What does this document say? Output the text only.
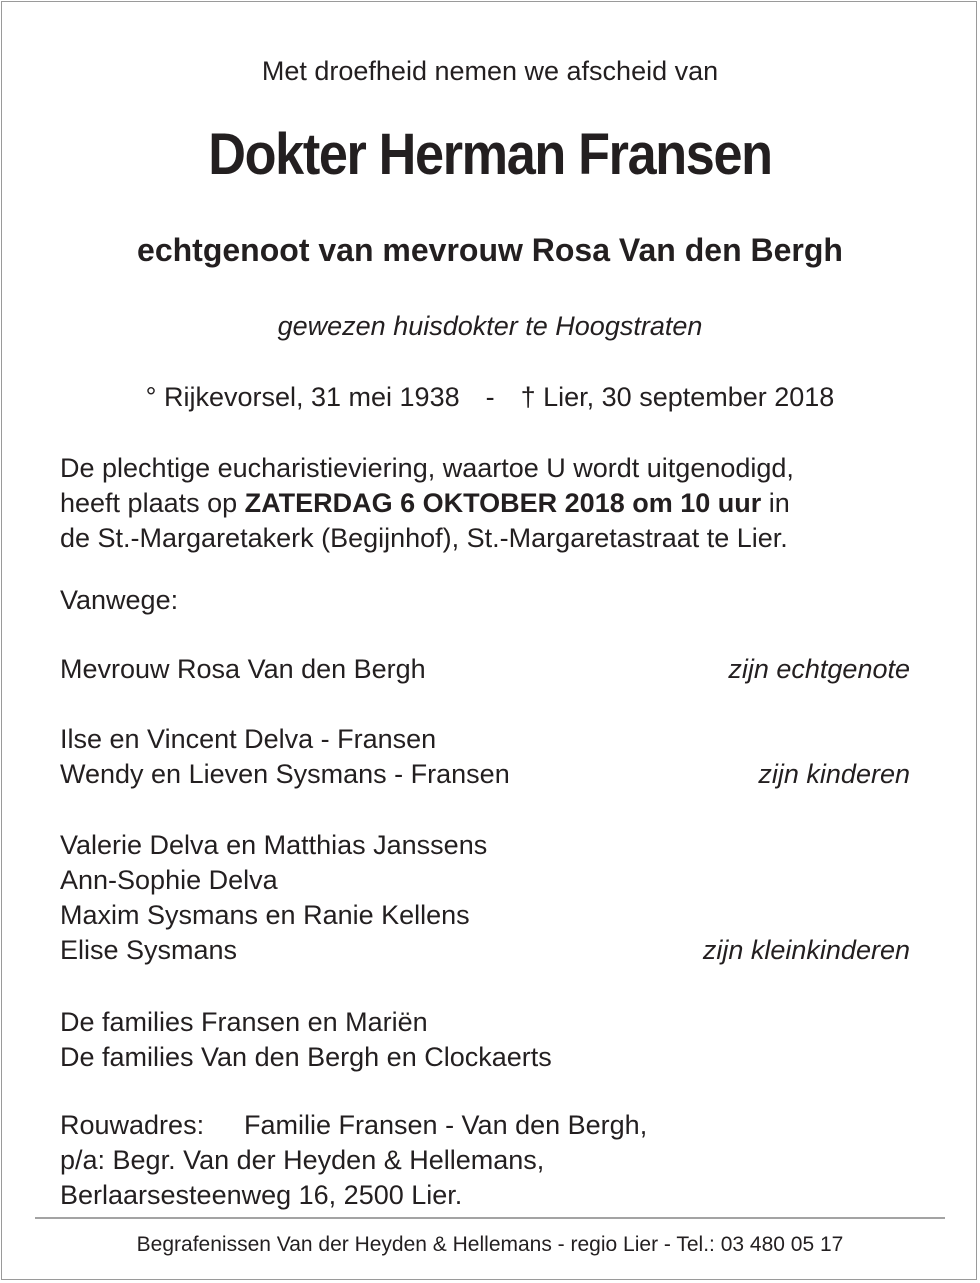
Met droefheid nemen we afscheid van
Dokter Herman Fransen
echtgenoot van mevrouw Rosa Van den Bergh
gewezen huisdokter te Hoogstraten
° Rijkevorsel, 31 mei 1938 - † Lier, 30 september 2018
De plechtige eucharistieviering, waartoe U wordt uitgenodigd,
heeft plaats op ZATERDAG 6 OKTOBER 2018 om 10 uur in
de St.-Margaretakerk (Begijnhof), St.-Margaretastraat te Lier.
Vanwege:
Mevrouw Rosa Van den Bergh	zijn echtgenote
Ilse en Vincent Delva - Fransen
Wendy en Lieven Sysmans - Fransen	zijn kinderen
Valerie Delva en Matthias Janssens
Ann-Sophie Delva
Maxim Sysmans en Ranie Kellens
Elise Sysmans	zijn kleinkinderen
De families Fransen en Mariën
De families Van den Bergh en Clockaerts
Rouwadres: Familie Fransen - Van den Bergh,
p/a: Begr. Van der Heyden & Hellemans,
Berlaarsesteenweg 16, 2500 Lier.
Begrafenissen Van der Heyden & Hellemans - regio Lier - Tel.: 03 480 05 17
